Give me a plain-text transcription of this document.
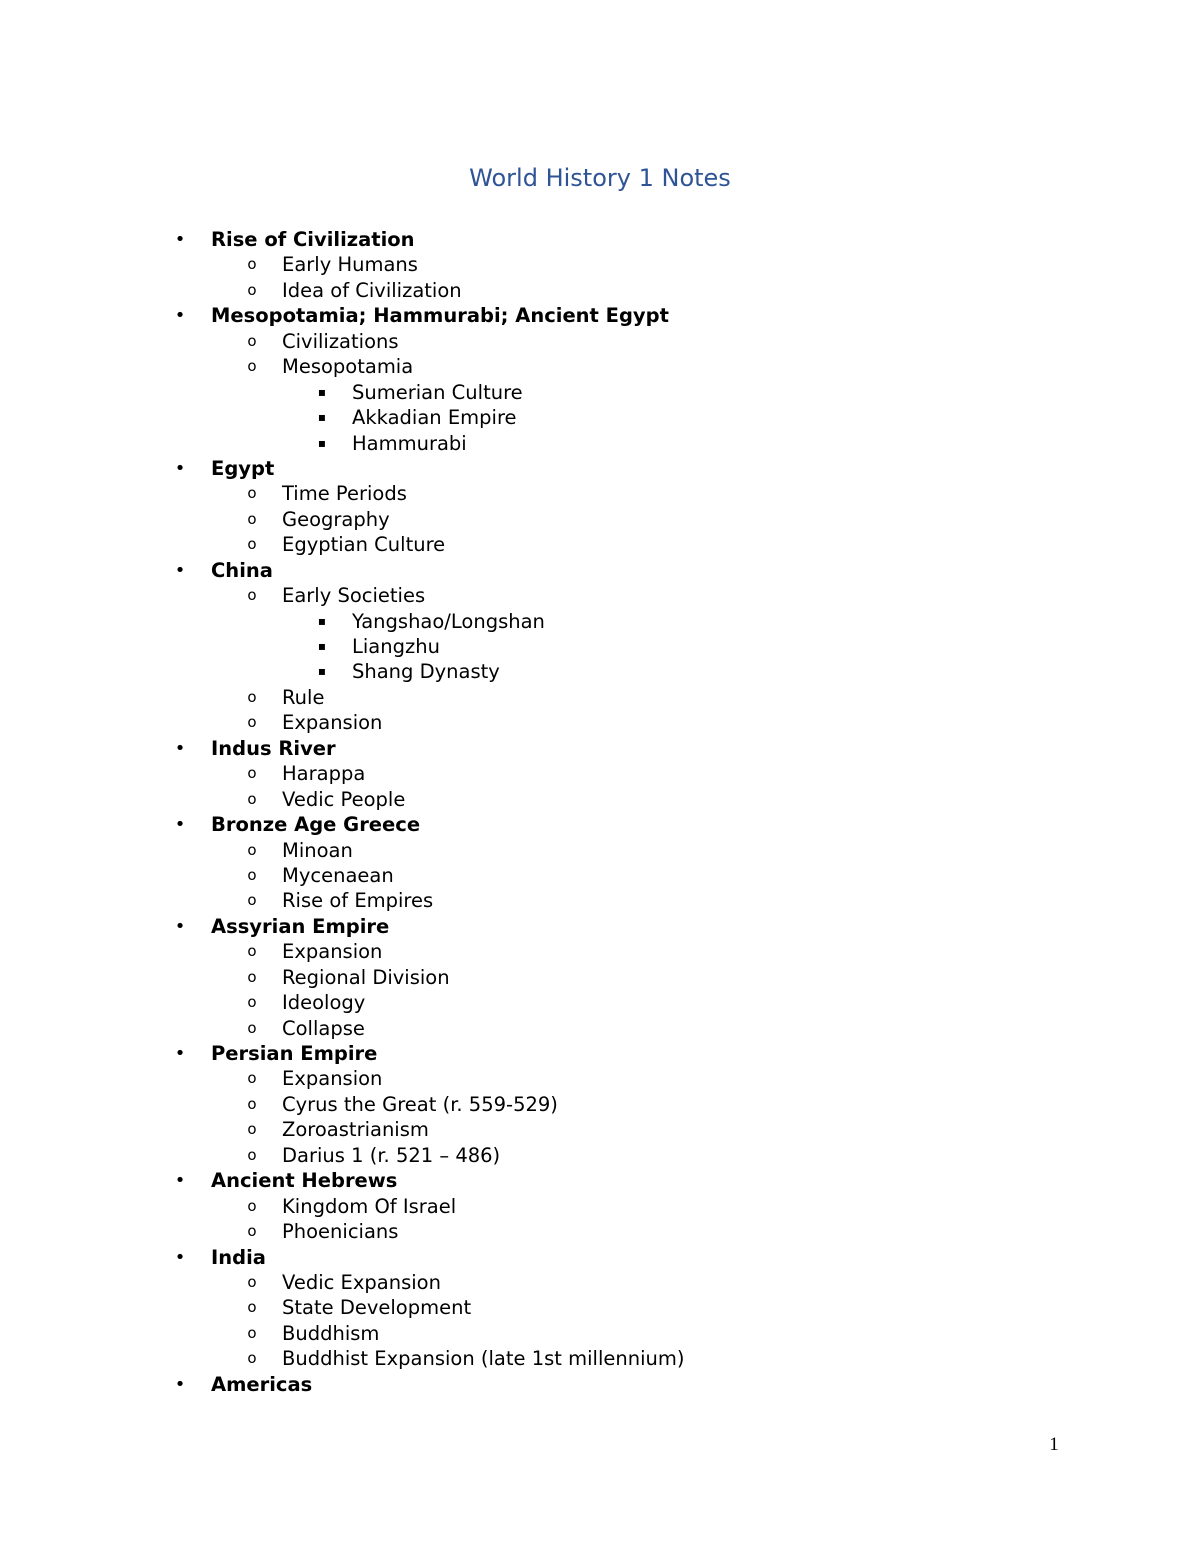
World History 1 Notes
• Rise of Civilization
o Early Humans
o Idea of Civilization
• Mesopotamia; Hammurabi; Ancient Egypt
o Civilizations
o Mesopotamia
▪ Sumerian Culture
▪ Akkadian Empire
▪ Hammurabi
• Egypt
o Time Periods
o Geography
o Egyptian Culture
• China
o Early Societies
▪ Yangshao/Longshan
▪ Liangzhu
▪ Shang Dynasty
o Rule
o Expansion
• Indus River
o Harappa
o Vedic People
• Bronze Age Greece
o Minoan
o Mycenaean
o Rise of Empires
• Assyrian Empire
o Expansion
o Regional Division
o Ideology
o Collapse
• Persian Empire
o Expansion
o Cyrus the Great (r. 559-529)
o Zoroastrianism
o Darius 1 (r. 521 – 486)
• Ancient Hebrews
o Kingdom Of Israel
o Phoenicians
• India
o Vedic Expansion
o State Development
o Buddhism
o Buddhist Expansion (late 1st millennium)
• Americas
1
